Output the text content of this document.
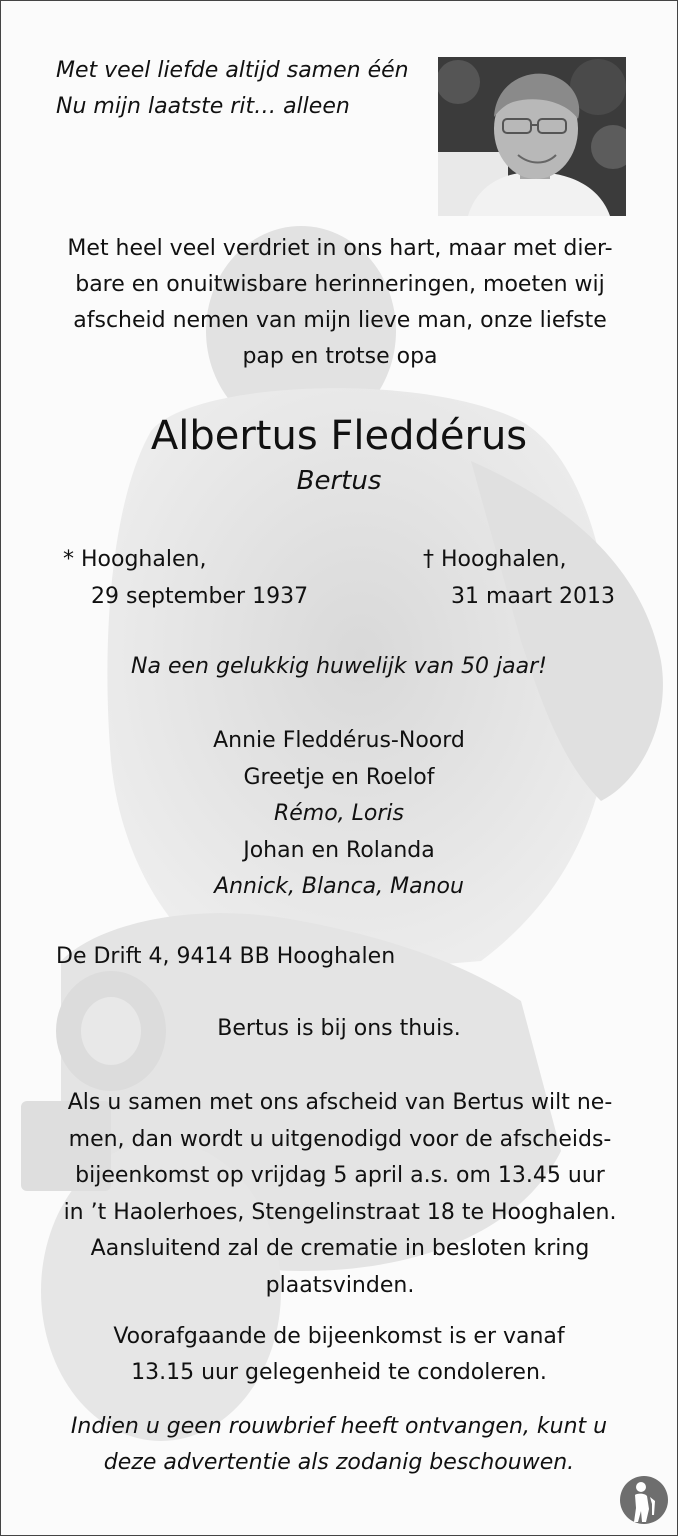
Met veel liefde altijd samen één
Nu mijn laatste rit… alleen
Met heel veel verdriet in ons hart, maar met dier-
bare en onuitwisbare herinneringen, moeten wij
afscheid nemen van mijn lieve man, onze liefste
pap en trotse opa
Albertus Fleddérus
Bertus
* Hooghalen,
29 september 1937
† Hooghalen,
31 maart 2013
Na een gelukkig huwelijk van 50 jaar!
Annie Fleddérus-Noord
Greetje en Roelof
Rémo, Loris
Johan en Rolanda
Annick, Blanca, Manou
De Drift 4, 9414 BB Hooghalen
Bertus is bij ons thuis.
Als u samen met ons afscheid van Bertus wilt ne-
men, dan wordt u uitgenodigd voor de afscheids-
bijeenkomst op vrijdag 5 april a.s. om 13.45 uur
in ’t Haolerhoes, Stengelinstraat 18 te Hooghalen.
Aansluitend zal de crematie in besloten kring
plaatsvinden.
Voorafgaande de bijeenkomst is er vanaf
13.15 uur gelegenheid te condoleren.
Indien u geen rouwbrief heeft ontvangen, kunt u
deze advertentie als zodanig beschouwen.
